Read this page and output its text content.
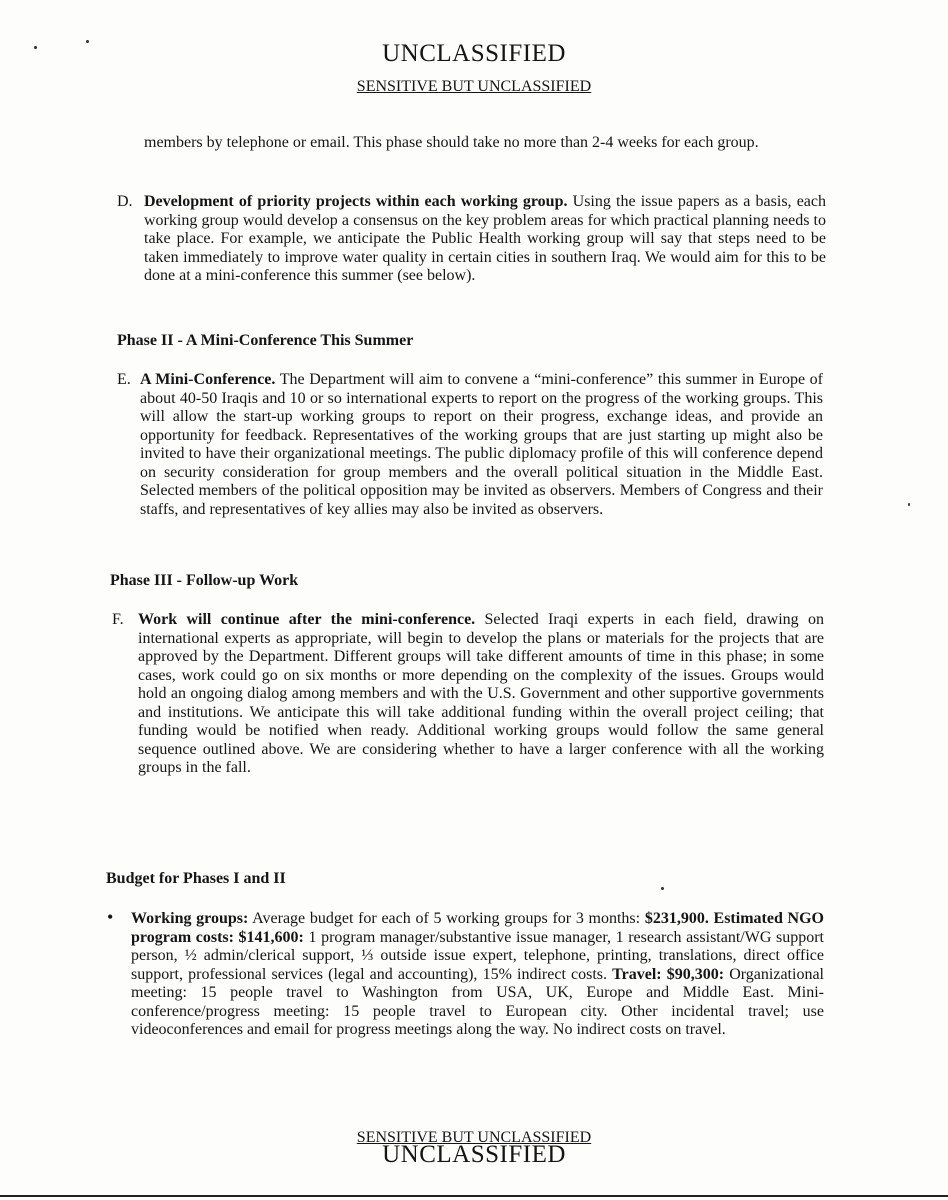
UNCLASSIFIED
SENSITIVE BUT UNCLASSIFIED
members by telephone or email. This phase should take no more than 2-4 weeks for each group.
D. Development of priority projects within each working group. Using the issue papers as a basis, each working group would develop a consensus on the key problem areas for which practical planning needs to take place. For example, we anticipate the Public Health working group will say that steps need to be taken immediately to improve water quality in certain cities in southern Iraq. We would aim for this to be done at a mini-conference this summer (see below).
Phase II - A Mini-Conference This Summer
E. A Mini-Conference. The Department will aim to convene a “mini-conference” this summer in Europe of about 40-50 Iraqis and 10 or so international experts to report on the progress of the working groups. This will allow the start-up working groups to report on their progress, exchange ideas, and provide an opportunity for feedback. Representatives of the working groups that are just starting up might also be invited to have their organizational meetings. The public diplomacy profile of this will conference depend on security consideration for group members and the overall political situation in the Middle East. Selected members of the political opposition may be invited as observers. Members of Congress and their staffs, and representatives of key allies may also be invited as observers.
Phase III - Follow-up Work
F. Work will continue after the mini-conference. Selected Iraqi experts in each field, drawing on international experts as appropriate, will begin to develop the plans or materials for the projects that are approved by the Department. Different groups will take different amounts of time in this phase; in some cases, work could go on six months or more depending on the complexity of the issues. Groups would hold an ongoing dialog among members and with the U.S. Government and other supportive governments and institutions. We anticipate this will take additional funding within the overall project ceiling; that funding would be notified when ready. Additional working groups would follow the same general sequence outlined above. We are considering whether to have a larger conference with all the working groups in the fall.
Budget for Phases I and II
• Working groups: Average budget for each of 5 working groups for 3 months: $231,900. Estimated NGO program costs: $141,600: 1 program manager/substantive issue manager, 1 research assistant/WG support person, ½ admin/clerical support, ⅓ outside issue expert, telephone, printing, translations, direct office support, professional services (legal and accounting), 15% indirect costs. Travel: $90,300: Organizational meeting: 15 people travel to Washington from USA, UK, Europe and Middle East. Mini-conference/progress meeting: 15 people travel to European city. Other incidental travel; use videoconferences and email for progress meetings along the way. No indirect costs on travel.
SENSITIVE BUT UNCLASSIFIED
UNCLASSIFIED
